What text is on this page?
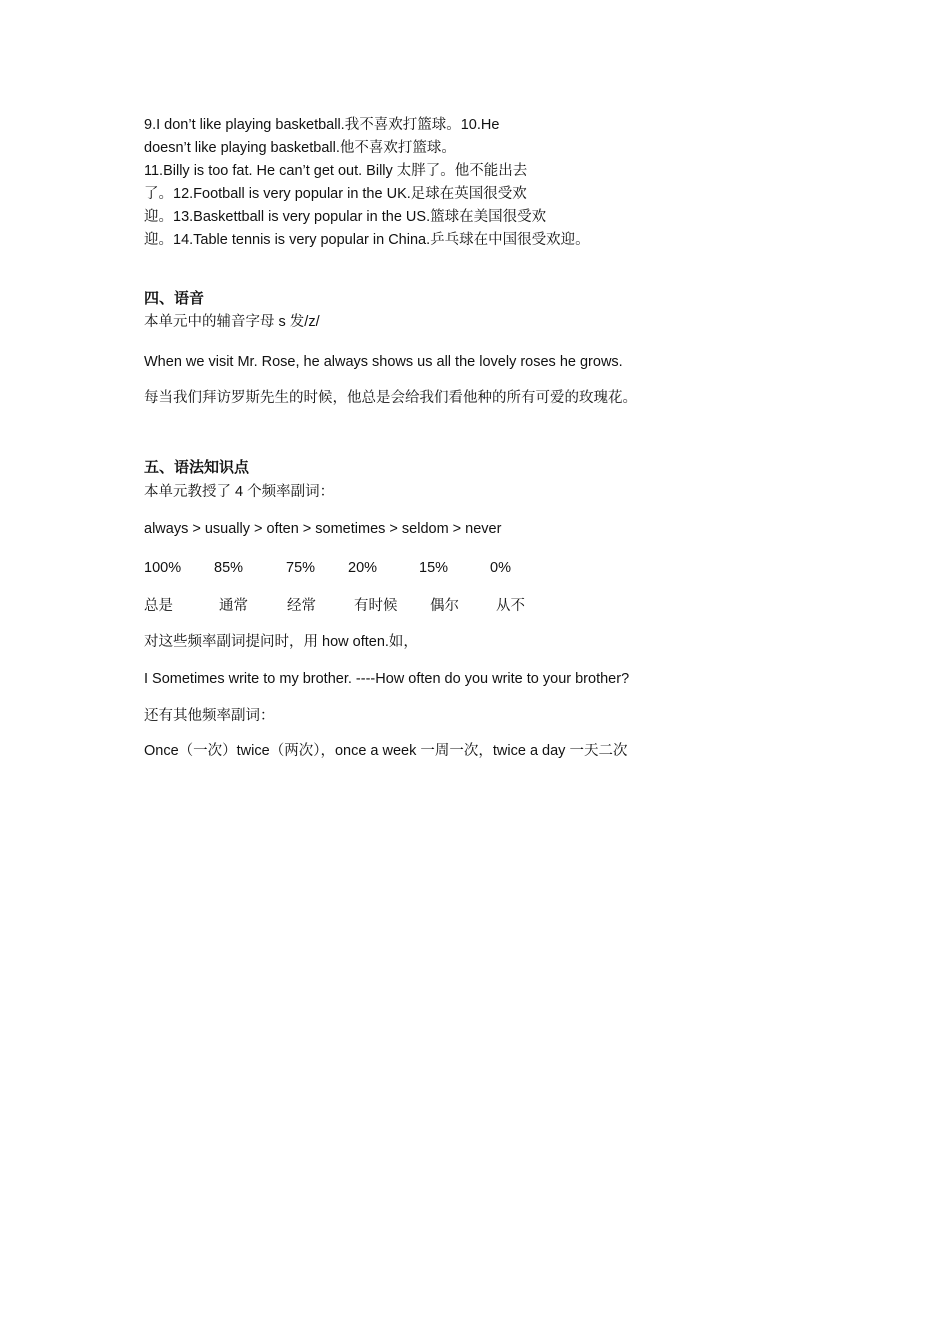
9.I don’t like playing basketball.我不喜欢打篮球。10.He
doesn’t like playing basketball.他不喜欢打篮球。
11.Billy is too fat. He can’t get out. Billy 太胖了。他不能出去
了。12.Football is very popular in the UK.足球在英国很受欢
迎。13.Baskettball is very popular in the US.篮球在美国很受欢
迎。14.Table tennis is very popular in China.乒乓球在中国很受欢迎。
四、语音
本单元中的辅音字母 s 发/z/
When we visit Mr. Rose, he always shows us all the lovely roses he grows.
每当我们拜访罗斯先生的时候，他总是会给我们看他种的所有可爱的玫瑰花。
五、语法知识点
本单元教授了 4 个频率副词：
always > usually > often > sometimes > seldom > never
100% 85%	75% 20%	15%	0%
总是	通常	经常	有时候 偶尔	从不
对这些频率副词提问时，用 how often.如，
I Sometimes write to my brother. ----How often do you write to your brother?
还有其他频率副词：
Once（一次）twice（两次），once a week 一周一次，twice a day 一天二次
